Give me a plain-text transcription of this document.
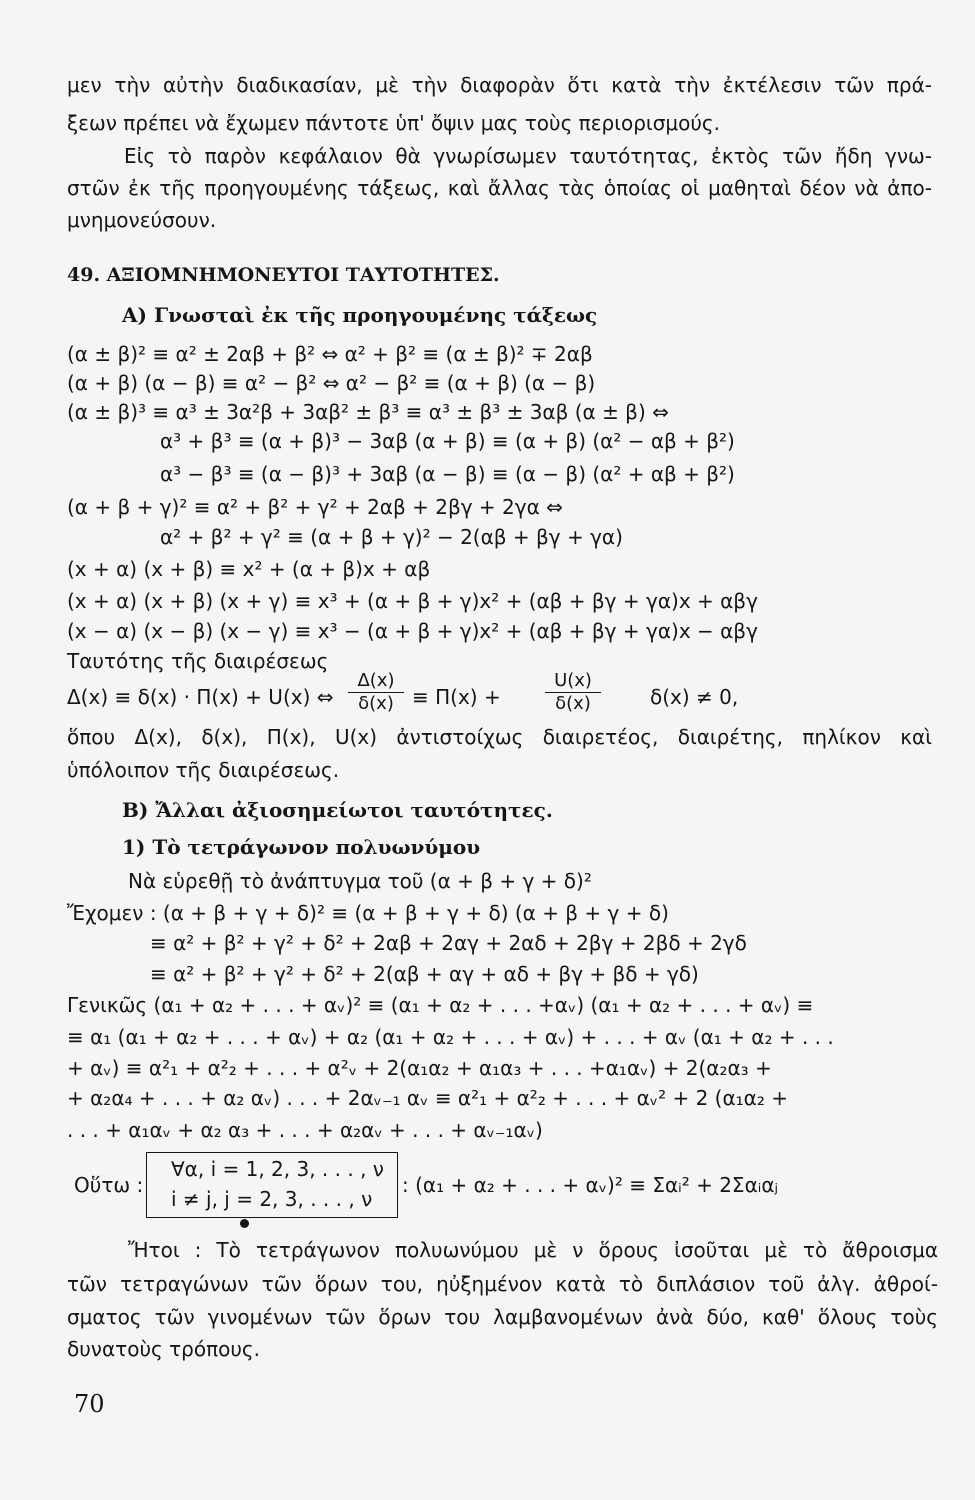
μεν τὴν αὐτὴν διαδικασίαν, μὲ τὴν διαφορὰν ὅτι κατὰ τὴν ἐκτέλεσιν τῶν πρά-
ξεων πρέπει νὰ ἔχωμεν πάντοτε ὑπ' ὄψιν μας τοὺς περιορισμούς.
Εἰς τὸ παρὸν κεφάλαιον θὰ γνωρίσωμεν ταυτότητας, ἐκτὸς τῶν ἤδη γνω-
στῶν ἐκ τῆς προηγουμένης τάξεως, καὶ ἄλλας τὰς ὁποίας οἱ μαθηταὶ δέον νὰ ἀπο-
μνημονεύσουν.
49. ΑΞΙΟΜΝΗΜΟΝΕΥΤΟΙ ΤΑΥΤΟΤΗΤΕΣ.
Α) Γνωσταὶ ἐκ τῆς προηγουμένης τάξεως
(α ± β)² ≡ α² ± 2αβ + β² ⇔ α² + β² ≡ (α ± β)² ∓ 2αβ
(α + β) (α − β) ≡ α² − β² ⇔ α² − β² ≡ (α + β) (α − β)
(α ± β)³ ≡ α³ ± 3α²β + 3αβ² ± β³ ≡ α³ ± β³ ± 3αβ (α ± β) ⇔
α³ + β³ ≡ (α + β)³ − 3αβ (α + β) ≡ (α + β) (α² − αβ + β²)
α³ − β³ ≡ (α − β)³ + 3αβ (α − β) ≡ (α − β) (α² + αβ + β²)
(α + β + γ)² ≡ α² + β² + γ² + 2αβ + 2βγ + 2γα ⇔
α² + β² + γ² ≡ (α + β + γ)² − 2(αβ + βγ + γα)
(x + α) (x + β) ≡ x² + (α + β)x + αβ
(x + α) (x + β) (x + γ) ≡ x³ + (α + β + γ)x² + (αβ + βγ + γα)x + αβγ
(x − α) (x − β) (x − γ) ≡ x³ − (α + β + γ)x² + (αβ + βγ + γα)x − αβγ
Ταυτότης τῆς διαιρέσεως
Δ(x) ≡ δ(x) · Π(x) + U(x) ⇔ $\frac{\Delta(x)}{\delta(x)} \equiv \Pi(x) + \frac{U(x)}{\delta(x)} \delta(x) \ne 0$,
ὅπου Δ(x), δ(x), Π(x), U(x) ἀντιστοίχως διαιρετέος, διαιρέτης, πηλίκον καὶ
ὑπόλοιπον τῆς διαιρέσεως.
Β) Ἄλλαι ἀξιοσημείωτοι ταυτότητες.
1) Τὸ τετράγωνον πολυωνύμου
Νὰ εὑρεθῇ τὸ ἀνάπτυγμα τοῦ (α + β + γ + δ)²
Ἔχομεν : (α + β + γ + δ)² ≡ (α + β + γ + δ) (α + β + γ + δ)
≡ α² + β² + γ² + δ² + 2αβ + 2αγ + 2αδ + 2βγ + 2βδ + 2γδ
≡ α² + β² + γ² + δ² + 2(αβ + αγ + αδ + βγ + βδ + γδ)
Γενικῶς (α₁ + α₂ + . . . + αᵥ)² ≡ (α₁ + α₂ + . . . +αᵥ) (α₁ + α₂ + . . . + αᵥ) ≡
≡ α₁ (α₁ + α₂ + . . . + αᵥ) + α₂ (α₁ + α₂ + . . . + αᵥ) + . . . + αᵥ (α₁ + α₂ + . . .
+ αᵥ) ≡ α²₁ + α²₂ + . . . + α²ᵥ + 2(α₁α₂ + α₁α₃ + . . . +α₁αᵥ) + 2(α₂α₃ +
+ α₂α₄ + . . . + α₂ αᵥ) . . . + 2αᵥ₋₁ αᵥ ≡ α²₁ + α²₂ + . . . + αᵥ² + 2 (α₁α₂ +
. . . + α₁αᵥ + α₂ α₃ + . . . + α₂αᵥ + . . . + αᵥ₋₁αᵥ)
Οὕτω :
∀α, i = 1, 2, 3, . . . , ν
i ≠ j, j = 2, 3, . . . , ν
: (α₁ + α₂ + . . . + αᵥ)² ≡ Σαᵢ² + 2Σαᵢαⱼ
Ἤτοι : Τὸ τετράγωνον πολυωνύμου μὲ ν ὅρους ἰσοῦται μὲ τὸ ἄθροισμα
τῶν τετραγώνων τῶν ὅρων του, ηὐξημένον κατὰ τὸ διπλάσιον τοῦ ἀλγ. ἀθροί-
σματος τῶν γινομένων τῶν ὅρων του λαμβανομένων ἀνὰ δύο, καθ' ὅλους τοὺς
δυνατοὺς τρόπους.
70
